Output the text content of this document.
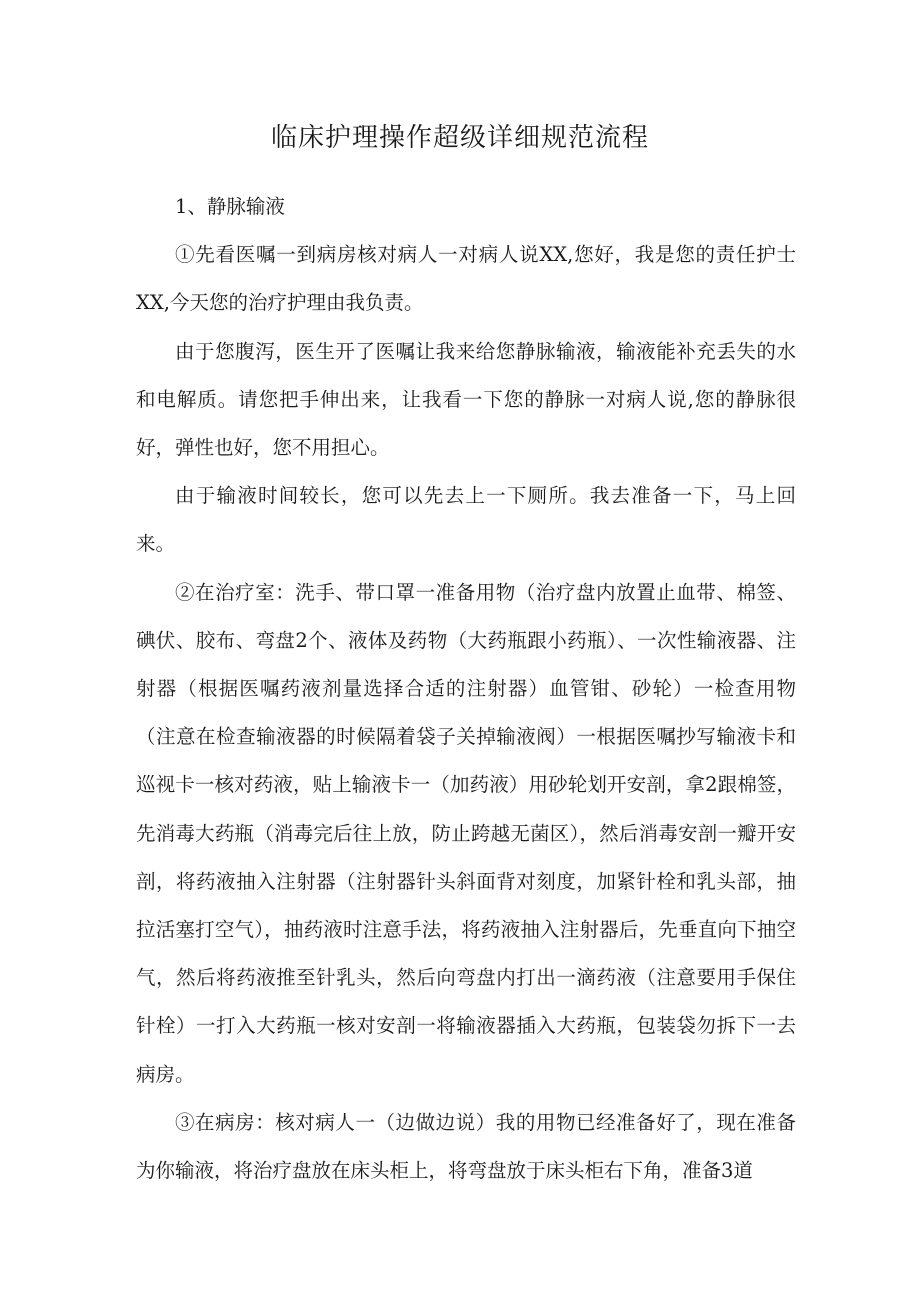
临床护理操作超级详细规范流程

1、静脉输液

①先看医嘱一到病房核对病人一对病人说XX,您好，我是您的责任护士XX,今天您的治疗护理由我负责。

由于您腹泻，医生开了医嘱让我来给您静脉输液，输液能补充丢失的水和电解质。请您把手伸出来，让我看一下您的静脉一对病人说,您的静脉很好，弹性也好，您不用担心。

由于输液时间较长，您可以先去上一下厕所。我去准备一下，马上回来。

②在治疗室：洗手、带口罩一准备用物（治疗盘内放置止血带、棉签、碘伏、胶布、弯盘2个、液体及药物（大药瓶跟小药瓶）、一次性输液器、注射器（根据医嘱药液剂量选择合适的注射器）血管钳、砂轮）一检查用物（注意在检查输液器的时候隔着袋子关掉输液阀）一根据医嘱抄写输液卡和巡视卡一核对药液，贴上输液卡一（加药液）用砂轮划开安剖，拿2跟棉签，先消毒大药瓶（消毒完后往上放，防止跨越无菌区），然后消毒安剖一瓣开安剖，将药液抽入注射器（注射器针头斜面背对刻度，加紧针栓和乳头部，抽拉活塞打空气），抽药液时注意手法，将药液抽入注射器后，先垂直向下抽空气，然后将药液推至针乳头，然后向弯盘内打出一滴药液（注意要用手保住针栓）一打入大药瓶一核对安剖一将输液器插入大药瓶，包装袋勿拆下一去病房。

③在病房：核对病人一（边做边说）我的用物已经准备好了，现在准备为你输液，将治疗盘放在床头柜上，将弯盘放于床头柜右下角，准备3道
